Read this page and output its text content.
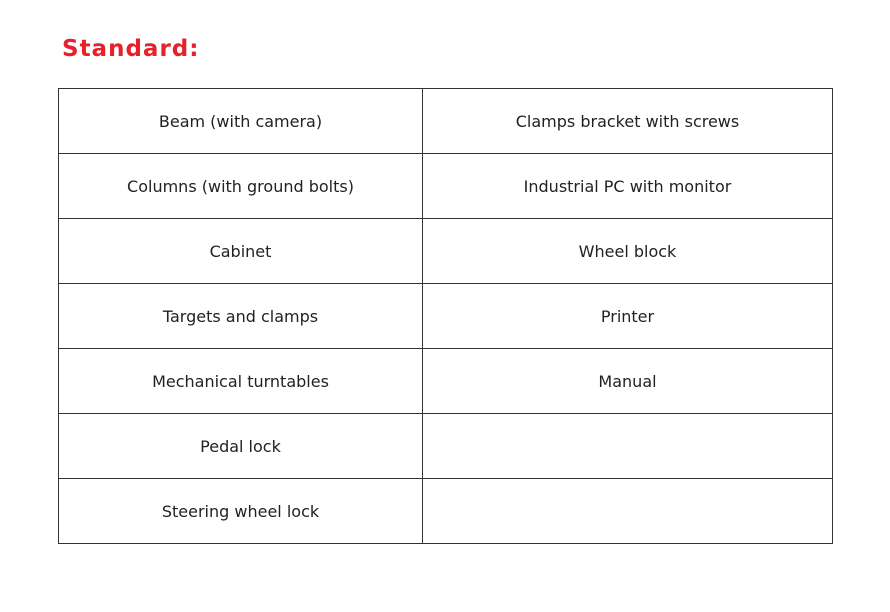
Standard:
Beam (with camera)	Clamps bracket with screws
Columns (with ground bolts)	Industrial PC with monitor
Cabinet	Wheel block
Targets and clamps	Printer
Mechanical turntables	Manual
Pedal lock	
Steering wheel lock	
